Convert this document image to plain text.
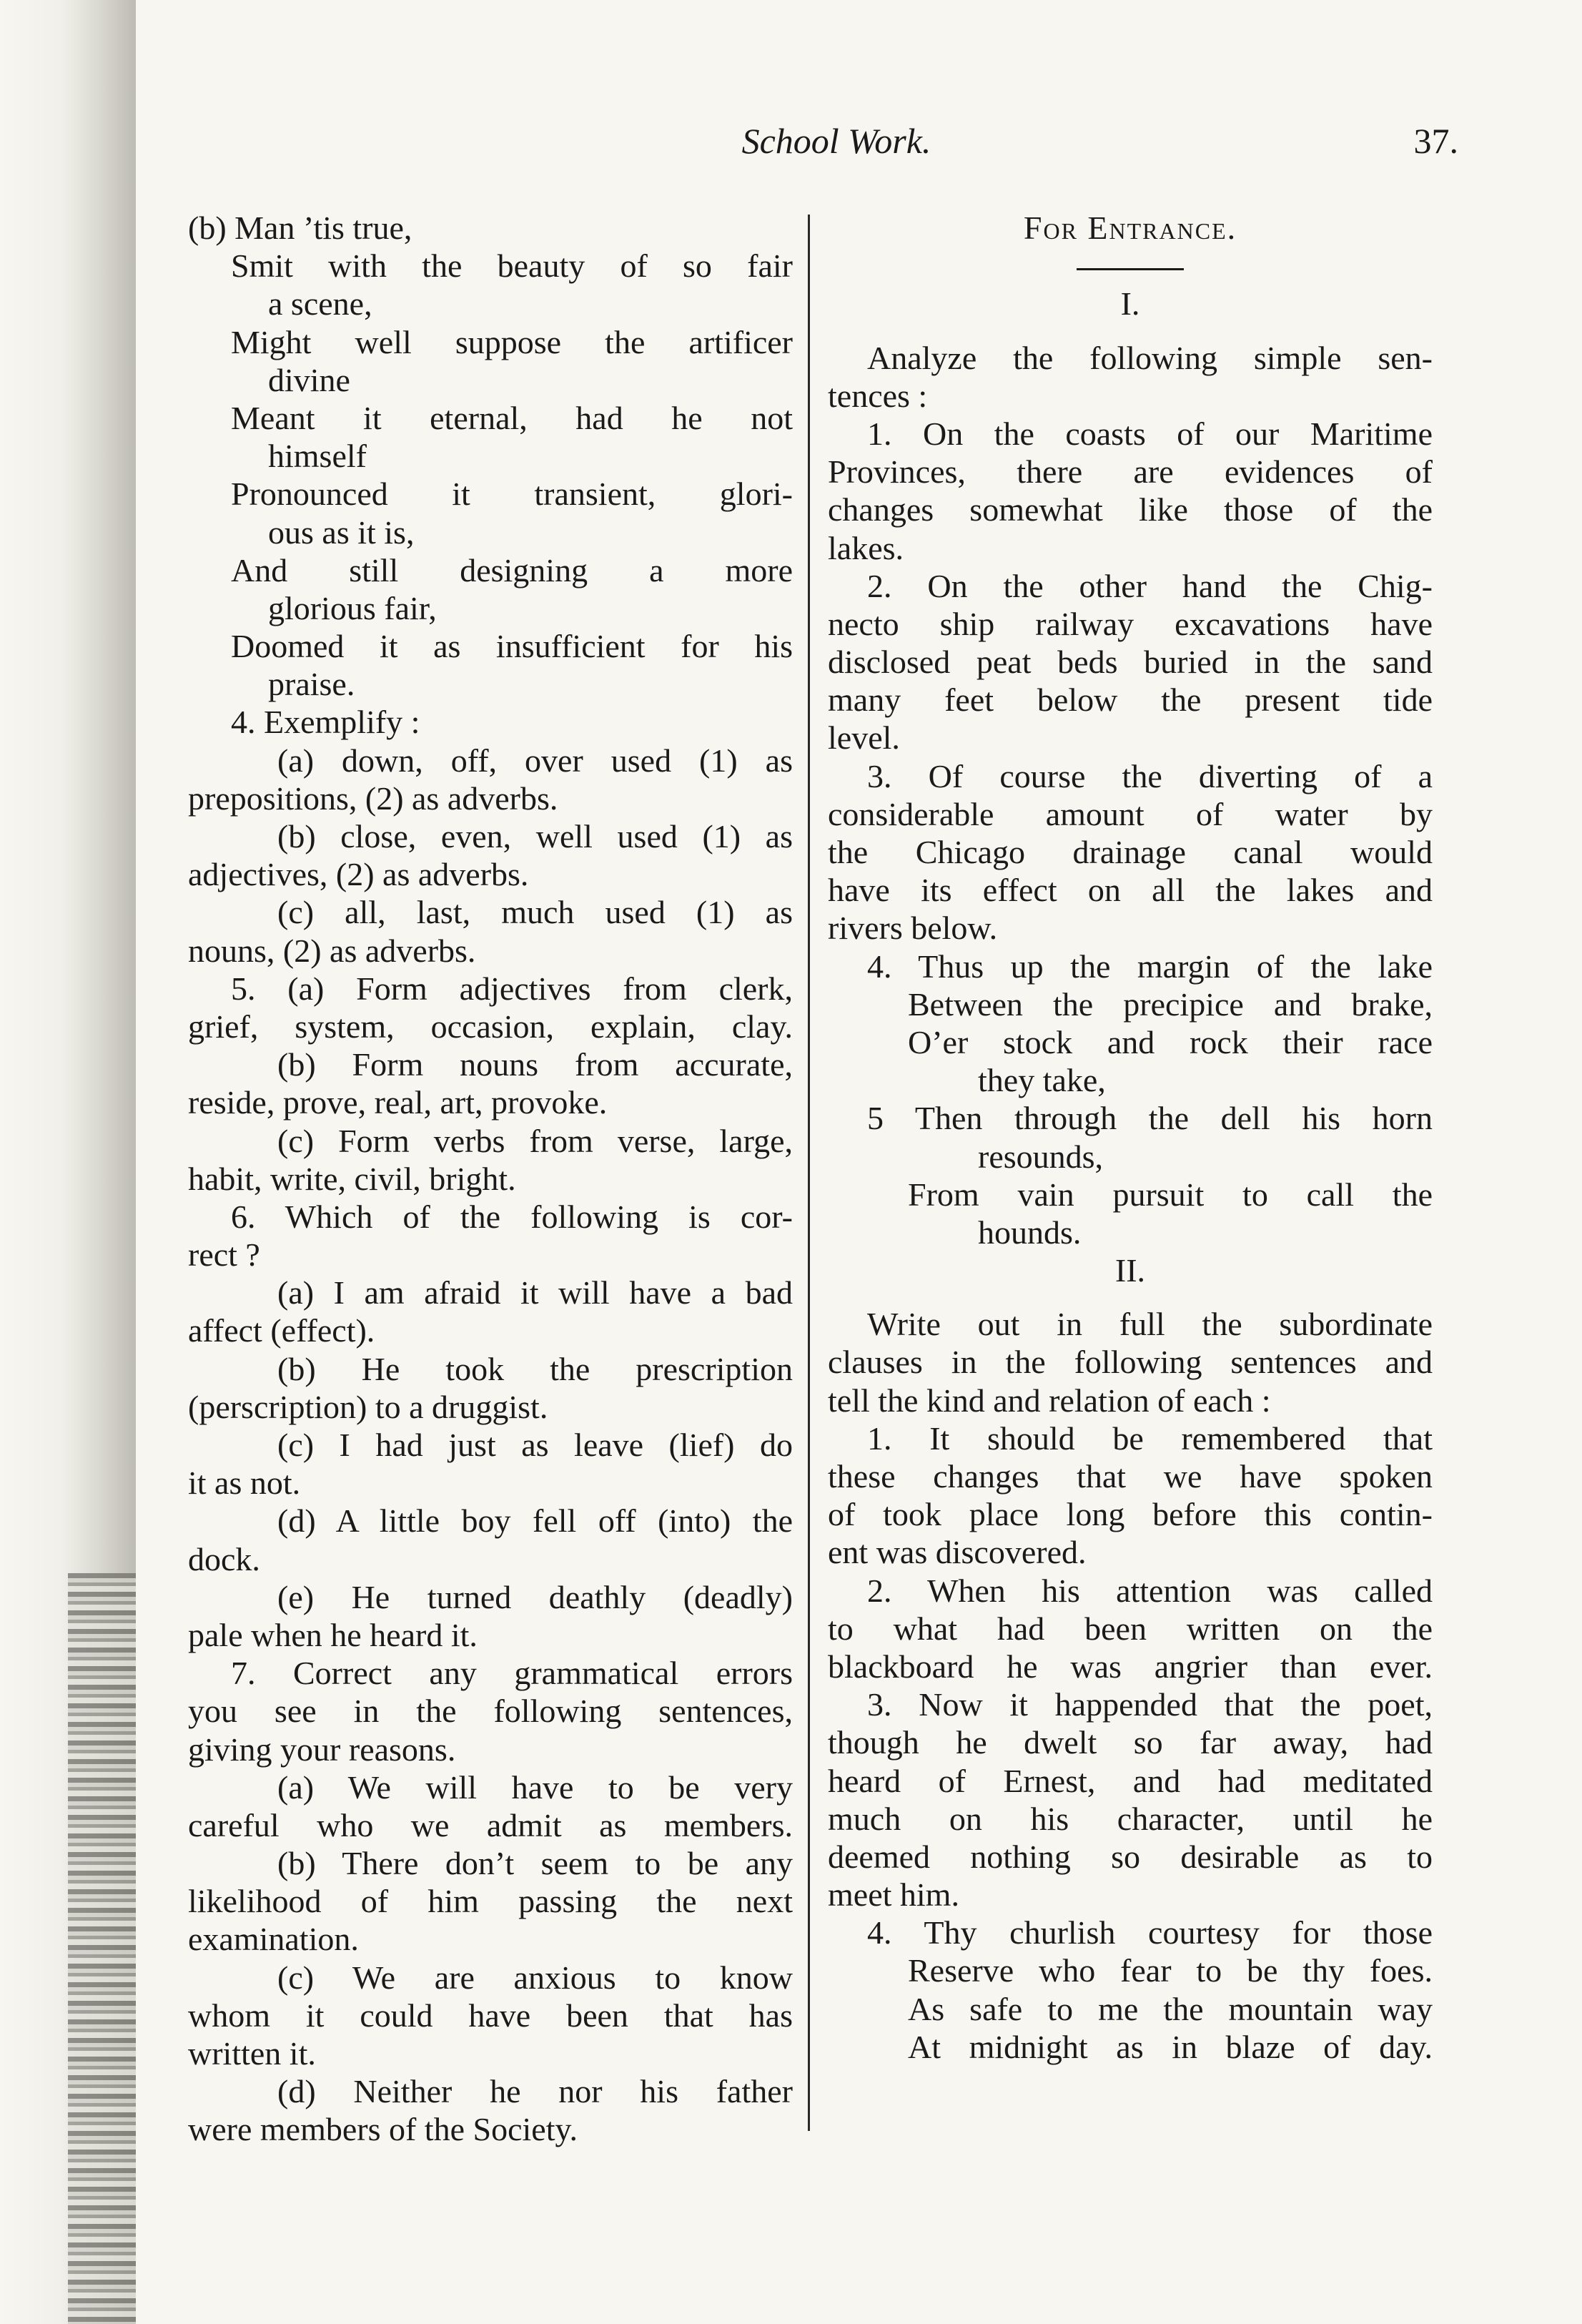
School Work.	37.
(b) Man ’tis true,
Smit with the beauty of so fair
a scene,
Might well suppose the artificer
divine
Meant it eternal, had he not
himself
Pronounced it transient, glori-
ous as it is,
And still designing a more
glorious fair,
Doomed it as insufficient for his
praise.
4. Exemplify :
(a) down, off, over used (1) as
prepositions, (2) as adverbs.
(b) close, even, well used (1) as
adjectives, (2) as adverbs.
(c) all, last, much used (1) as
nouns, (2) as adverbs.
5. (a) Form adjectives from clerk,
grief, system, occasion, explain, clay.
(b) Form nouns from accurate,
reside, prove, real, art, provoke.
(c) Form verbs from verse, large,
habit, write, civil, bright.
6. Which of the following is cor-
rect ?
(a) I am afraid it will have a bad
affect (effect).
(b) He took the prescription
(perscription) to a druggist.
(c) I had just as leave (lief) do
it as not.
(d) A little boy fell off (into) the
dock.
(e) He turned deathly (deadly)
pale when he heard it.
7. Correct any grammatical errors
you see in the following sentences,
giving your reasons.
(a) We will have to be very
careful who we admit as members.
(b) There don’t seem to be any
likelihood of him passing the next
examination.
(c) We are anxious to know
whom it could have been that has
written it.
(d) Neither he nor his father
were members of the Society.
For Entrance.
I.
Analyze the following simple sen-
tences :
1. On the coasts of our Maritime
Provinces, there are evidences of
changes somewhat like those of the
lakes.
2. On the other hand the Chig-
necto ship railway excavations have
disclosed peat beds buried in the sand
many feet below the present tide
level.
3. Of course the diverting of a
considerable amount of water by
the Chicago drainage canal would
have its effect on all the lakes and
rivers below.
4. Thus up the margin of the lake
Between the precipice and brake,
O’er stock and rock their race
they take,
5 Then through the dell his horn
resounds,
From vain pursuit to call the
hounds.
II.
Write out in full the subordinate
clauses in the following sentences and
tell the kind and relation of each :
1. It should be remembered that
these changes that we have spoken
of took place long before this contin-
ent was discovered.
2. When his attention was called
to what had been written on the
blackboard he was angrier than ever.
3. Now it happended that the poet,
though he dwelt so far away, had
heard of Ernest, and had meditated
much on his character, until he
deemed nothing so desirable as to
meet him.
4. Thy churlish courtesy for those
Reserve who fear to be thy foes.
As safe to me the mountain way
At midnight as in blaze of day.
